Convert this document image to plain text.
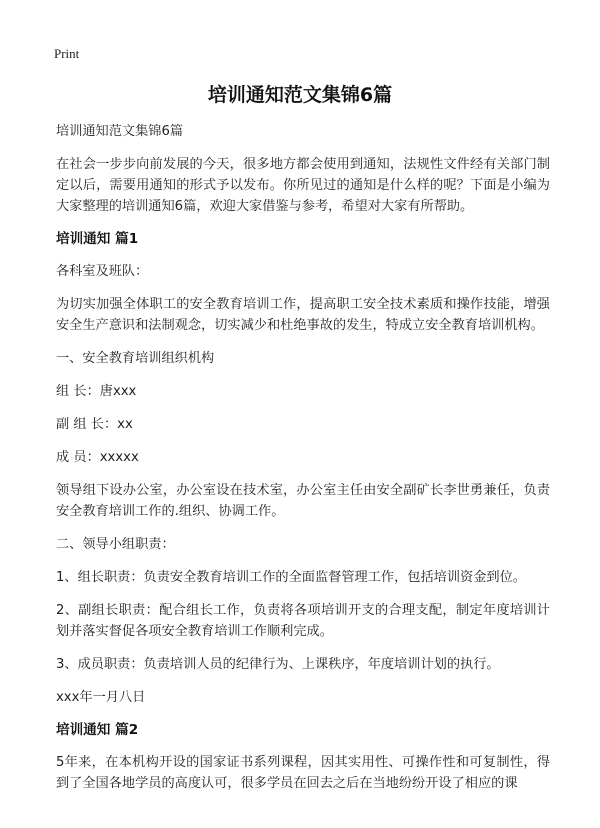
Print
培训通知范文集锦6篇

培训通知范文集锦6篇

在社会一步步向前发展的今天，很多地方都会使用到通知，法规性文件经有关部门制定以后，需要用通知的形式予以发布。你所见过的通知是什么样的呢？下面是小编为大家整理的培训通知6篇，欢迎大家借鉴与参考，希望对大家有所帮助。

培训通知 篇1

各科室及班队：

为切实加强全体职工的安全教育培训工作，提高职工安全技术素质和操作技能，增强安全生产意识和法制观念，切实减少和杜绝事故的发生，特成立安全教育培训机构。

一、安全教育培训组织机构

组 长：唐xxx

副 组 长：xx

成 员：xxxxx

领导组下设办公室，办公室设在技术室，办公室主任由安全副矿长李世勇兼任，负责安全教育培训工作的.组织、协调工作。

二、领导小组职责：

1、组长职责：负责安全教育培训工作的全面监督管理工作，包括培训资金到位。

2、副组长职责：配合组长工作，负责将各项培训开支的合理支配，制定年度培训计划并落实督促各项安全教育培训工作顺利完成。

3、成员职责：负责培训人员的纪律行为、上课秩序，年度培训计划的执行。

xxx年一月八日

培训通知 篇2

5年来，在本机构开设的国家证书系列课程，因其实用性、可操作性和可复制性，得到了全国各地学员的高度认可，很多学员在回去之后在当地纷纷开设了相应的课
